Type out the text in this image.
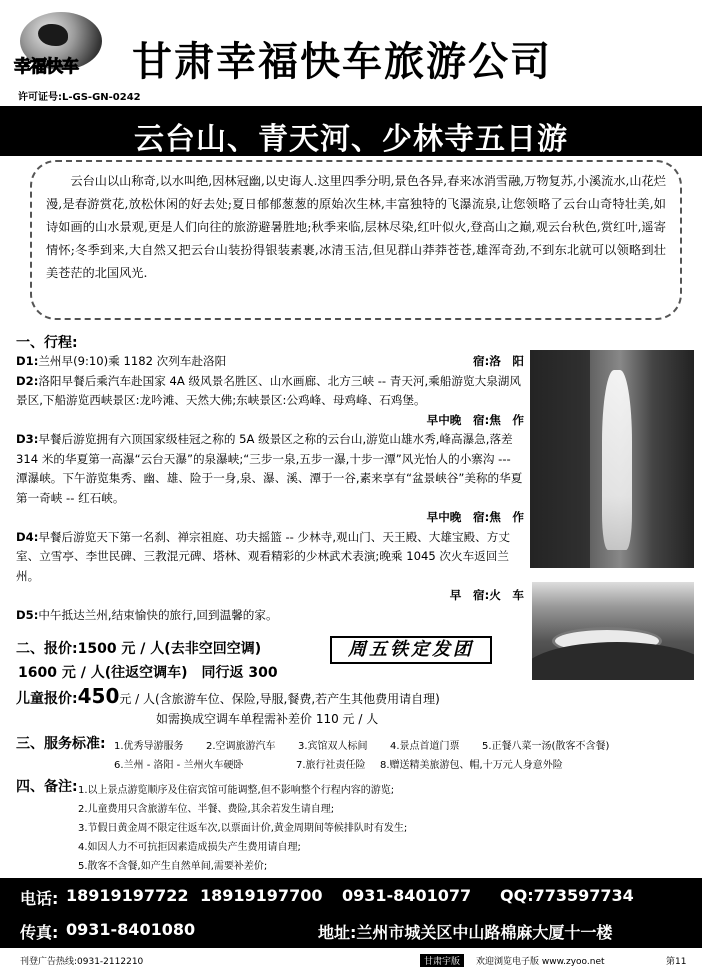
幸福快车
许可证号:L-GS-GN-0242
甘肃幸福快车旅游公司
云台山、青天河、少林寺五日游

云台山以山称奇,以水叫绝,因林冠幽,以史诲人.这里四季分明,景色各异,春来冰消雪融,万物复苏,小溪流水,山花烂漫,是春游赏花,放松休闲的好去处;夏日郁郁葱葱的原始次生林,丰富独特的飞瀑流泉,让您领略了云台山奇特壮美,如诗如画的山水景观,更是人们向往的旅游避暑胜地;秋季来临,层林尽染,红叶似火,登高山之巅,观云台秋色,赏红叶,遥寄情怀;冬季到来,大自然又把云台山装扮得银装素裹,冰清玉洁,但见群山莽莽苍苍,雄浑奇劲,不到东北就可以领略到壮美苍茫的北国风光.

一、行程:
D1:兰州早(9:10)乘 1182 次列车赴洛阳	宿:洛　阳
D2:洛阳早餐后乘汽车赴国家 4A 级风景名胜区、山水画廊、北方三峡 -- 青天河,乘船游览大泉湖风景区,下船游览西峡景区:龙吟滩、天然大佛;东峡景区:公鸡峰、母鸡峰、石鸡堡。
早中晚　宿:焦　作
D3:早餐后游览拥有六顶国家级桂冠之称的 5A 级景区之称的云台山,游览山雄水秀,峰高瀑急,落差 314 米的华夏第一高瀑“云台天瀑”的泉瀑峡;“三步一泉,五步一瀑,十步一潭”风光怡人的小寨沟 --- 潭瀑峡。下午游览集秀、幽、雄、险于一身,泉、瀑、溪、潭于一谷,素来享有“盆景峡谷”美称的华夏第一奇峡 -- 红石峡。
早中晚　宿:焦　作
D4:早餐后游览天下第一名刹、禅宗祖庭、功夫摇篮 -- 少林寺,观山门、天王殿、大雄宝殿、方丈室、立雪亭、李世民碑、三教混元碑、塔林、观看精彩的少林武术表演;晚乘 1045 次火车返回兰州。
早　宿:火　车
D5:中午抵达兰州,结束愉快的旅行,回到温馨的家。
二、报价:1500 元 / 人(去非空回空调)
1600 元 / 人(往返空调车)　同行返 300
周五铁定发团
儿童报价:450元 / 人(含旅游车位、保险,导服,餐费,若产生其他费用请自理)
如需换成空调车单程需补差价 110 元 / 人
三、服务标准: 1.优秀导游服务 2.空调旅游汽车 3.宾馆双人标间 4.景点首道门票 5.正餐八菜一汤(散客不含餐)
6.兰州 - 洛阳 - 兰州火车硬卧	7.旅行社责任险 8.赠送精美旅游包、帽,十万元人身意外险
四、备注: 1.以上景点游览顺序及住宿宾馆可能调整,但不影响整个行程内容的游览;
2.儿童费用只含旅游车位、半餐、费险,其余若发生请自理;
3.节假日黄金周不限定往返车次,以票面计价,黄金周期间等候排队时有发生;
4.如因人力不可抗拒因素造成损失产生费用请自理;
5.散客不含餐,如产生自然单间,需要补差价;
电话: 18919197722 18919197700 0931-8401077 QQ:773597734
传真: 0931-8401080	地址:兰州市城关区中山路棉麻大厦十一楼
刊登广告热线:0931-2112210	甘肃宇版	欢迎浏览电子版 www.zyoo.net	第11
